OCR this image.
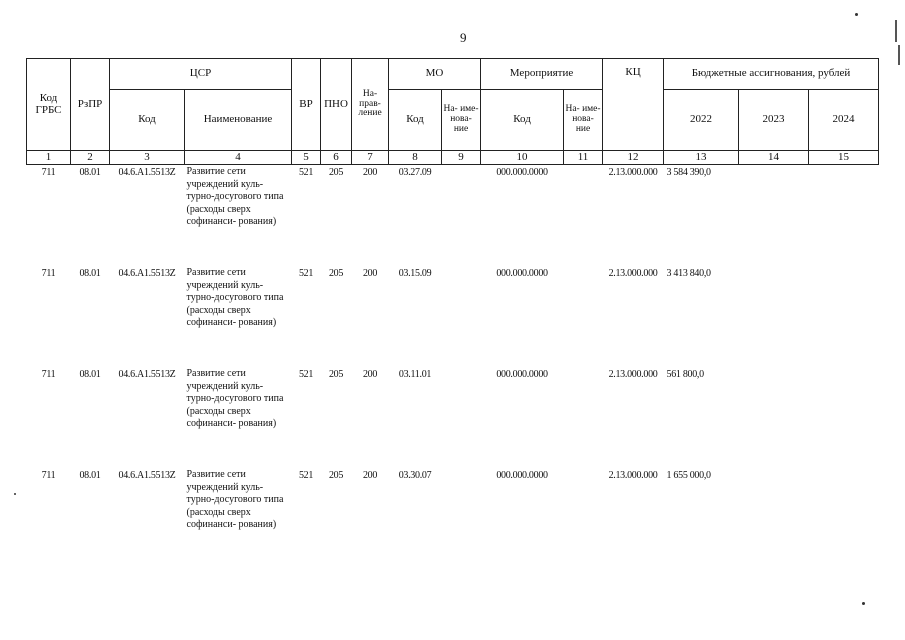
9
Код ГРБС	РзПР	ЦСР		ВР	ПНО	На- прав- ление	МО		Мероприятие		КЦ	Бюджетные ассигнования, рублей		
		Код	Наименование				Код	На- име- нова- ние	Код	На- име- нова- ние		2022	2023	2024
1	2	3	4	5	6	7	8	9	10	11	12	13	14	15
711	08.01	04.6.A1.5513Z	Развитие сети учреждений куль- турно-досугового типа (расходы сверх софинанси- рования)	521	205	200	03.27.09		000.000.0000		2.13.000.000	3 584 390,0		
711	08.01	04.6.A1.5513Z	Развитие сети учреждений куль- турно-досугового типа (расходы сверх софинанси- рования)	521	205	200	03.15.09		000.000.0000		2.13.000.000	3 413 840,0		
711	08.01	04.6.A1.5513Z	Развитие сети учреждений куль- турно-досугового типа (расходы сверх софинанси- рования)	521	205	200	03.11.01		000.000.0000		2.13.000.000	561 800,0		
711	08.01	04.6.A1.5513Z	Развитие сети учреждений куль- турно-досугового типа (расходы сверх софинанси- рования)	521	205	200	03.30.07		000.000.0000		2.13.000.000	1 655 000,0		
